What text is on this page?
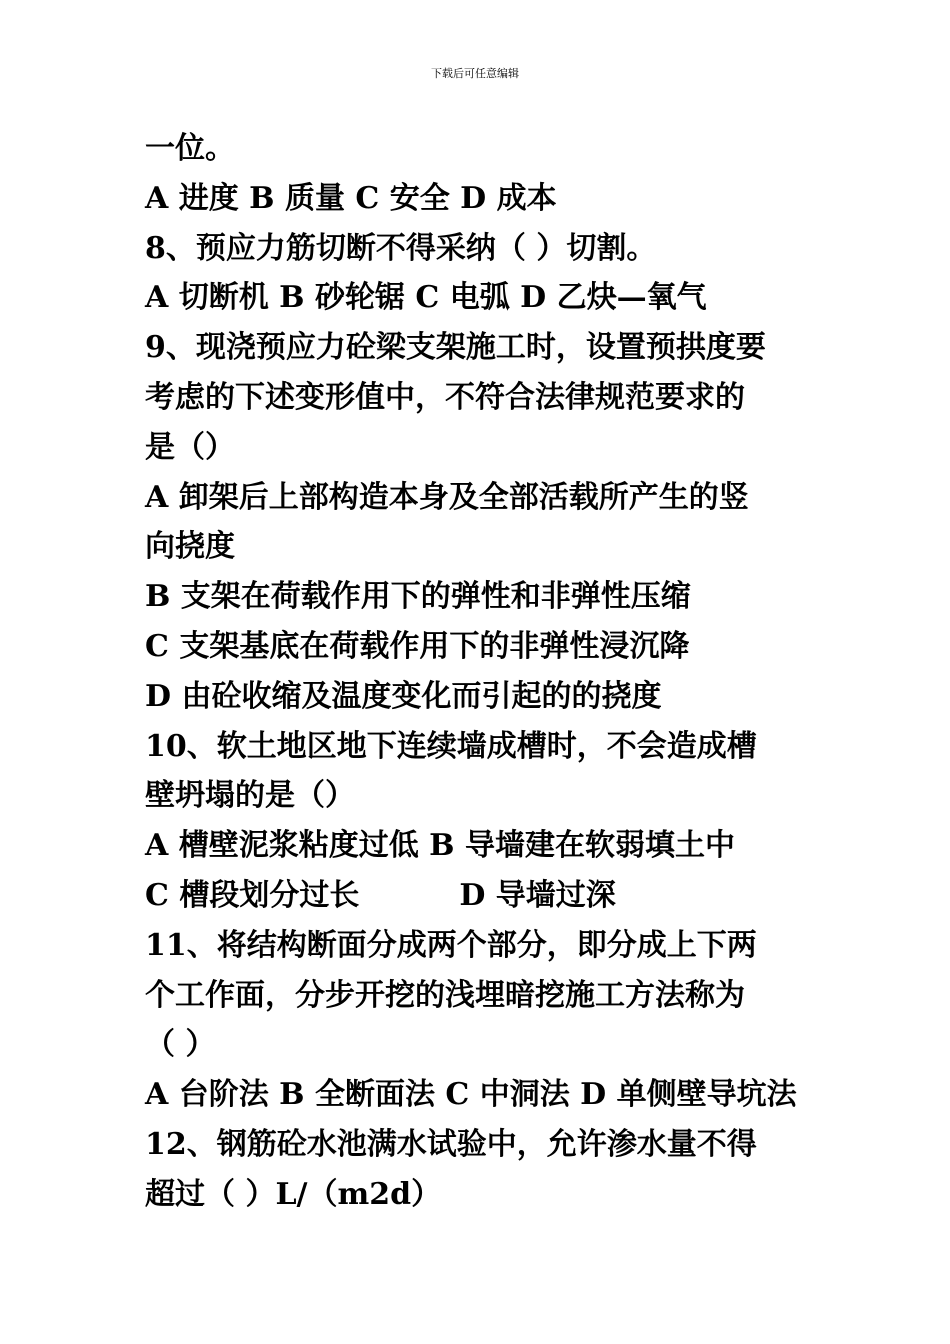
下载后可任意编辑
一位。
A 进度 B 质量 C 安全 D 成本
8、预应力筋切断不得采纳（ ）切割。
A 切断机 B 砂轮锯 C 电弧 D 乙炔—氧气
9、现浇预应力砼梁支架施工时，设置预拱度要
考虑的下述变形值中，不符合法律规范要求的
是（）
A 卸架后上部构造本身及全部活载所产生的竖
向挠度
B 支架在荷载作用下的弹性和非弹性压缩
C 支架基底在荷载作用下的非弹性浸沉降
D 由砼收缩及温度变化而引起的的挠度
10、软土地区地下连续墙成槽时，不会造成槽
壁坍塌的是（）
A 槽壁泥浆粘度过低 B 导墙建在软弱填土中
C 槽段划分过长	D 导墙过深
11、将结构断面分成两个部分，即分成上下两
个工作面，分步开挖的浅埋暗挖施工方法称为
（ ）
A 台阶法 B 全断面法 C 中洞法 D 单侧壁导坑法
12、钢筋砼水池满水试验中，允许渗水量不得
超过（ ）L/（m2d）
